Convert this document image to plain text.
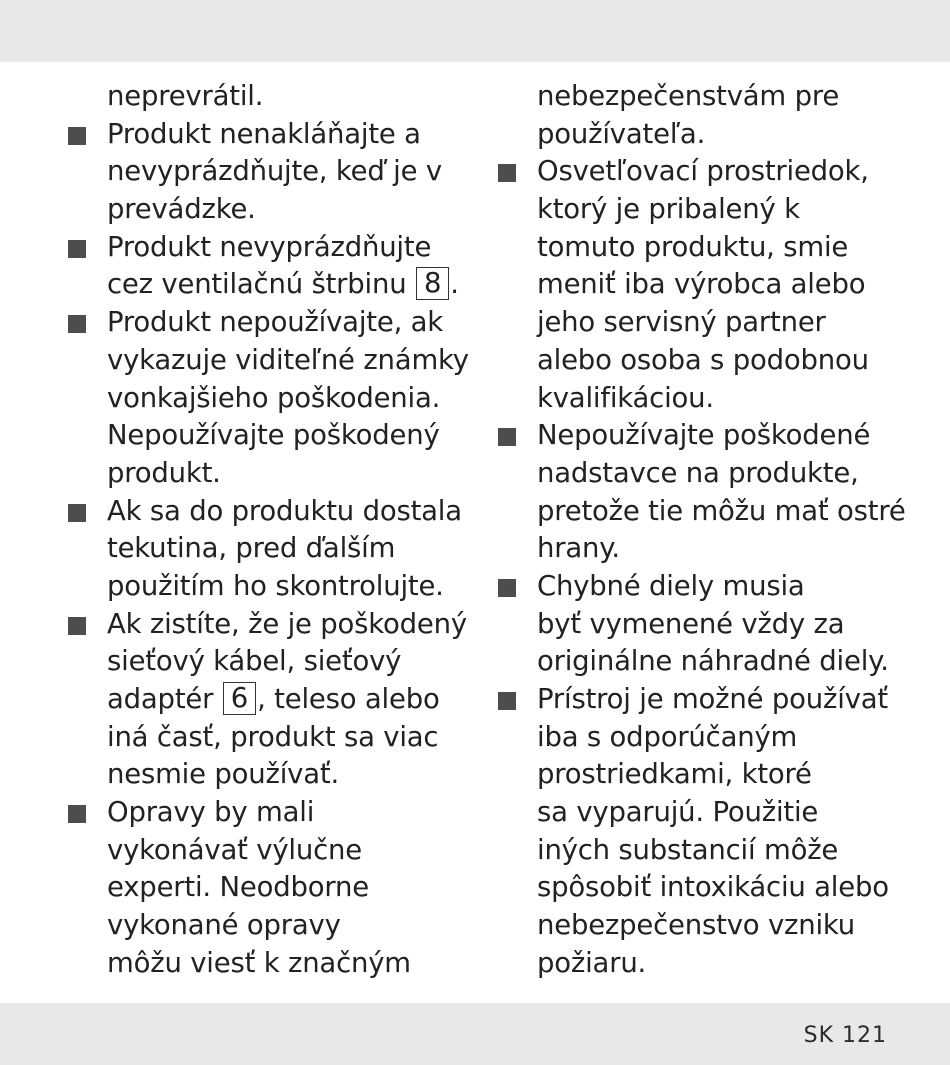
neprevrátil.
Produkt nenakláňajte a
nevyprázdňujte, keď je v
prevádzke.
Produkt nevyprázdňujte
cez ventilačnú štrbinu 8 .
Produkt nepoužívajte, ak
vykazuje viditeľné známky
vonkajšieho poškodenia.
Nepoužívajte poškodený
produkt.
Ak sa do produktu dostala
tekutina, pred ďalším
použitím ho skontrolujte.
Ak zistíte, že je poškodený
sieťový kábel, sieťový
adaptér 6 , teleso alebo
iná časť, produkt sa viac
nesmie používať.
Opravy by mali
vykonávať výlučne
experti. Neodborne
vykonané opravy
môžu viesť k značným
nebezpečenstvám pre
používateľa.
Osvetľovací prostriedok,
ktorý je pribalený k
tomuto produktu, smie
meniť iba výrobca alebo
jeho servisný partner
alebo osoba s podobnou
kvalifikáciou.
Nepoužívajte poškodené
nadstavce na produkte,
pretože tie môžu mať ostré
hrany.
Chybné diely musia
byť vymenené vždy za
originálne náhradné diely.
Prístroj je možné používať
iba s odporúčaným
prostriedkami, ktoré
sa vyparujú. Použitie
iných substancií môže
spôsobiť intoxikáciu alebo
nebezpečenstvo vzniku
požiaru.
SK 121
